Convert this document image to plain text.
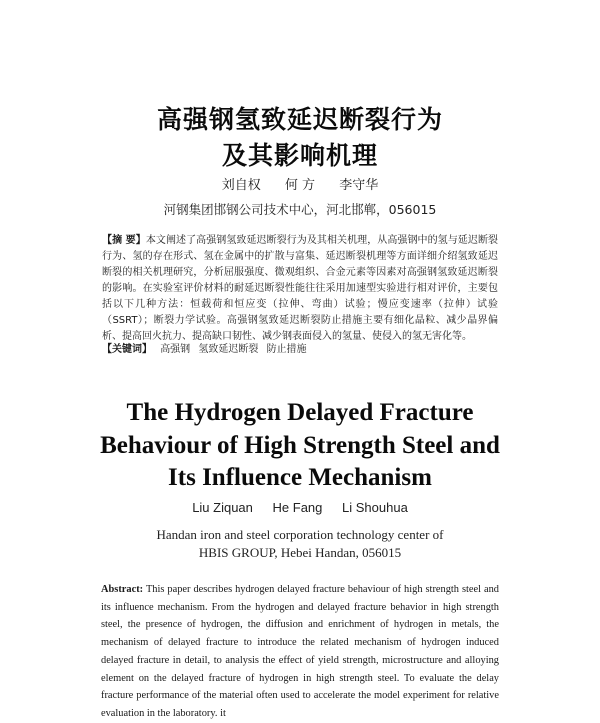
高强钢氢致延迟断裂行为
及其影响机理
刘自权 何 方 李守华
河钢集团邯钢公司技术中心，河北邯郸，056015

【摘 要】本文阐述了高强钢氢致延迟断裂行为及其相关机理，从高强钢中的氢与延迟断裂行为、氢的存在形式、氢在金属中的扩散与富集、延迟断裂机理等方面详细介绍氢致延迟断裂的相关机理研究，分析屈服强度、微观组织、合金元素等因素对高强钢氢致延迟断裂的影响。在实验室评价材料的耐延迟断裂性能往往采用加速型实验进行相对评价，主要包括以下几种方法：恒载荷和恒应变（拉伸、弯曲）试验；慢应变速率（拉伸）试验（SSRT）；断裂力学试验。高强钢氢致延迟断裂防止措施主要有细化晶粒、减少晶界偏析、提高回火抗力、提高缺口韧性、减少钢表面侵入的氢量、使侵入的氢无害化等。

【关键词】 高强钢 氢致延迟断裂 防止措施
The Hydrogen Delayed Fracture
Behaviour of High Strength Steel and
Its Influence Mechanism
Liu Ziquan He Fang Li Shouhua
Handan iron and steel corporation technology center of
HBIS GROUP, Hebei Handan, 056015

Abstract: This paper describes hydrogen delayed fracture behaviour of high strength steel and its influence mechanism. From the hydrogen and delayed fracture behavior in high strength steel, the presence of hydrogen, the diffusion and enrichment of hydrogen in metals, the mechanism of delayed fracture to introduce the related mechanism of hydrogen induced delayed fracture in detail, to analysis the effect of yield strength, microstructure and alloying element on the delayed fracture of hydrogen in high strength steel. To evaluate the delay fracture performance of the material often used to accelerate the model experiment for relative evaluation in the laboratory. it
